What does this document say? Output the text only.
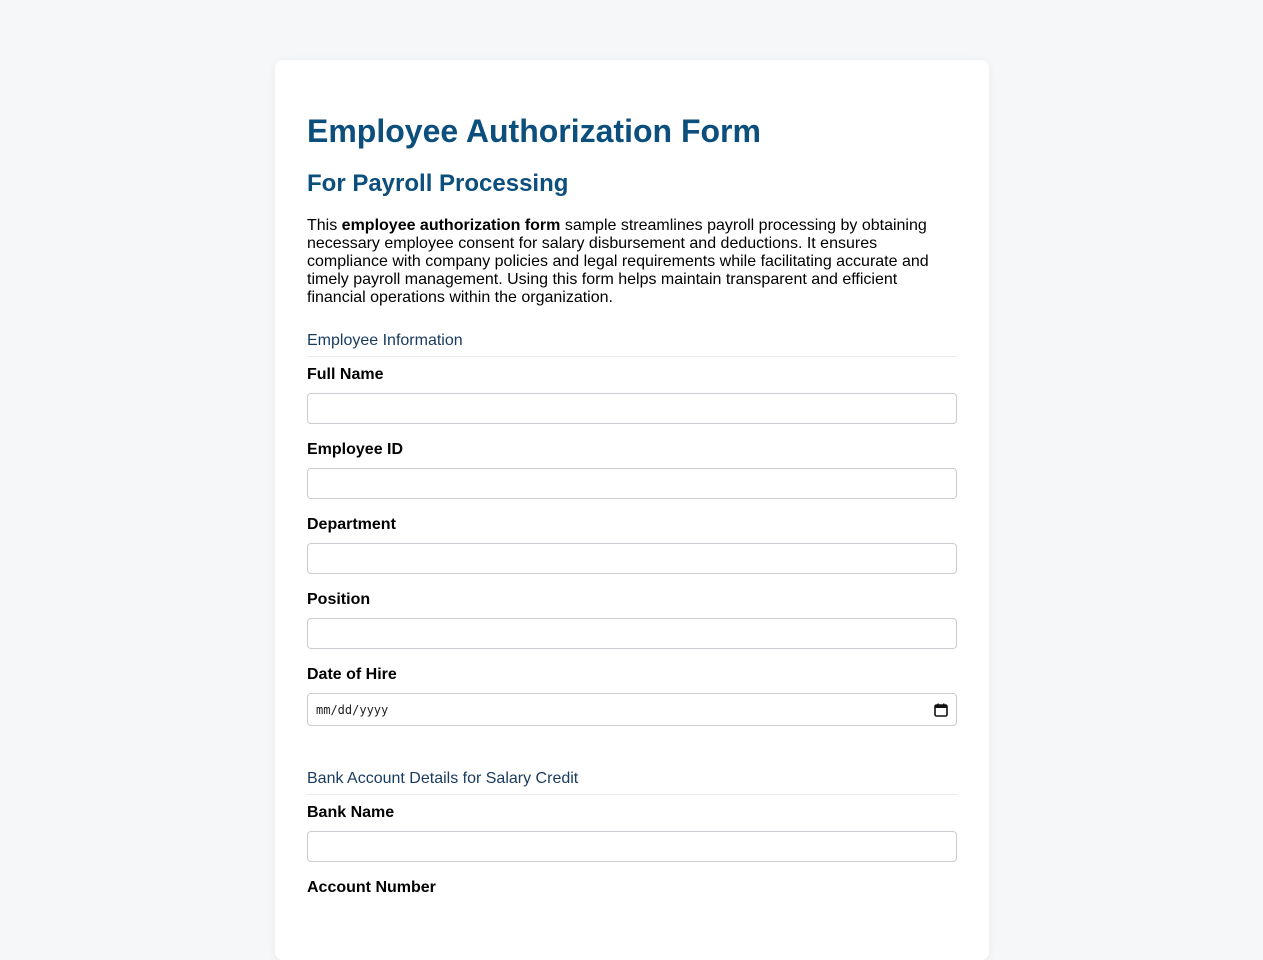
Employee Authorization Form
For Payroll Processing

This employee authorization form sample streamlines payroll processing by obtaining necessary employee consent for salary disbursement and deductions. It ensures compliance with company policies and legal requirements while facilitating accurate and timely payroll management. Using this form helps maintain transparent and efficient financial operations within the organization.

Employee Information
Full Name
Employee ID
Department
Position
Date of Hire
mm/dd/yyyy
Bank Account Details for Salary Credit
Bank Name
Account Number
